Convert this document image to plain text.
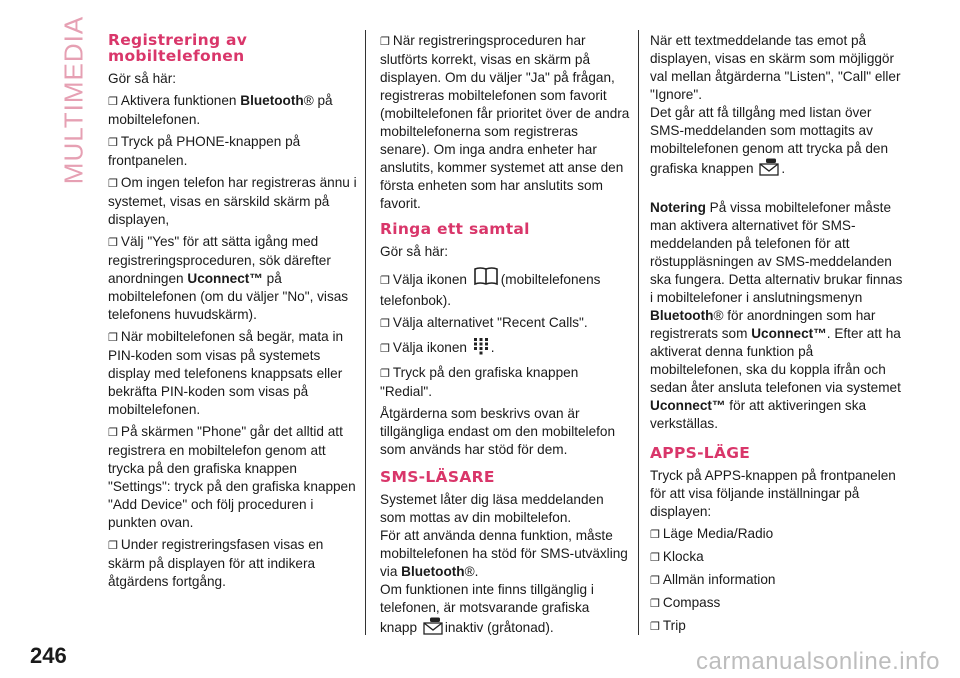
MULTIMEDIA Registrering av mobiltelefonen

Gör så här:

❐ Aktivera funktionen Bluetooth® på mobiltelefonen.

❐ Tryck på PHONE-knappen på frontpanelen.

❐ Om ingen telefon har registreras ännu i systemet, visas en särskild skärm på displayen,

❐ Välj "Yes" för att sätta igång med registreringsproceduren, sök därefter anordningen Uconnect™ på mobiltelefonen (om du väljer "No", visas telefonens huvudskärm).

❐ När mobiltelefonen så begär, mata in PIN-koden som visas på systemets display med telefonens knappsats eller bekräfta PIN-koden som visas på mobiltelefonen.

❐ På skärmen "Phone" går det alltid att registrera en mobiltelefon genom att trycka på den grafiska knappen "Settings": tryck på den grafiska knappen "Add Device" och följ proceduren i punkten ovan.

❐ Under registreringsfasen visas en skärm på displayen för att indikera åtgärdens fortgång.

❐ När registreringsproceduren har slutförts korrekt, visas en skärm på displayen. Om du väljer "Ja" på frågan, registreras mobiltelefonen som favorit (mobiltelefonen får prioritet över de andra mobiltelefonerna som registreras senare). Om inga andra enheter har anslutits, kommer systemet att anse den första enheten som har anslutits som favorit.

Ringa ett samtal

Gör så här:

❐ Välja ikonen (mobiltelefonens telefonbok).

❐ Välja alternativet "Recent Calls".

❐ Välja ikonen .

❐ Tryck på den grafiska knappen "Redial".

Åtgärderna som beskrivs ovan är tillgängliga endast om den mobiltelefon som används har stöd för dem.

SMS-LÄSARE

Systemet låter dig läsa meddelanden som mottas av din mobiltelefon.

För att använda denna funktion, måste mobiltelefonen ha stöd för SMS-utväxling via Bluetooth®.

Om funktionen inte finns tillgänglig i telefonen, är motsvarande grafiska knapp inaktiv (gråtonad).

När ett textmeddelande tas emot på displayen, visas en skärm som möjliggör val mellan åtgärderna "Listen", "Call" eller "Ignore".

Det går att få tillgång med listan över SMS-meddelanden som mottagits av mobiltelefonen genom att trycka på den grafiska knappen .

Notering På vissa mobiltelefoner måste man aktivera alternativet för SMS-meddelanden på telefonen för att röstuppläsningen av SMS-meddelanden ska fungera. Detta alternativ brukar finnas i mobiltelefoner i anslutningsmenyn Bluetooth® för anordningen som har registrerats som Uconnect™. Efter att ha aktiverat denna funktion på mobiltelefonen, ska du koppla ifrån och sedan åter ansluta telefonen via systemet Uconnect™ för att aktiveringen ska verkställas.

APPS-LÄGE

Tryck på APPS-knappen på frontpanelen för att visa följande inställningar på displayen:

❐ Läge Media/Radio

❐ Klocka

❐ Allmän information

❐ Compass

❐ Trip

246	carmanualsonline.info
